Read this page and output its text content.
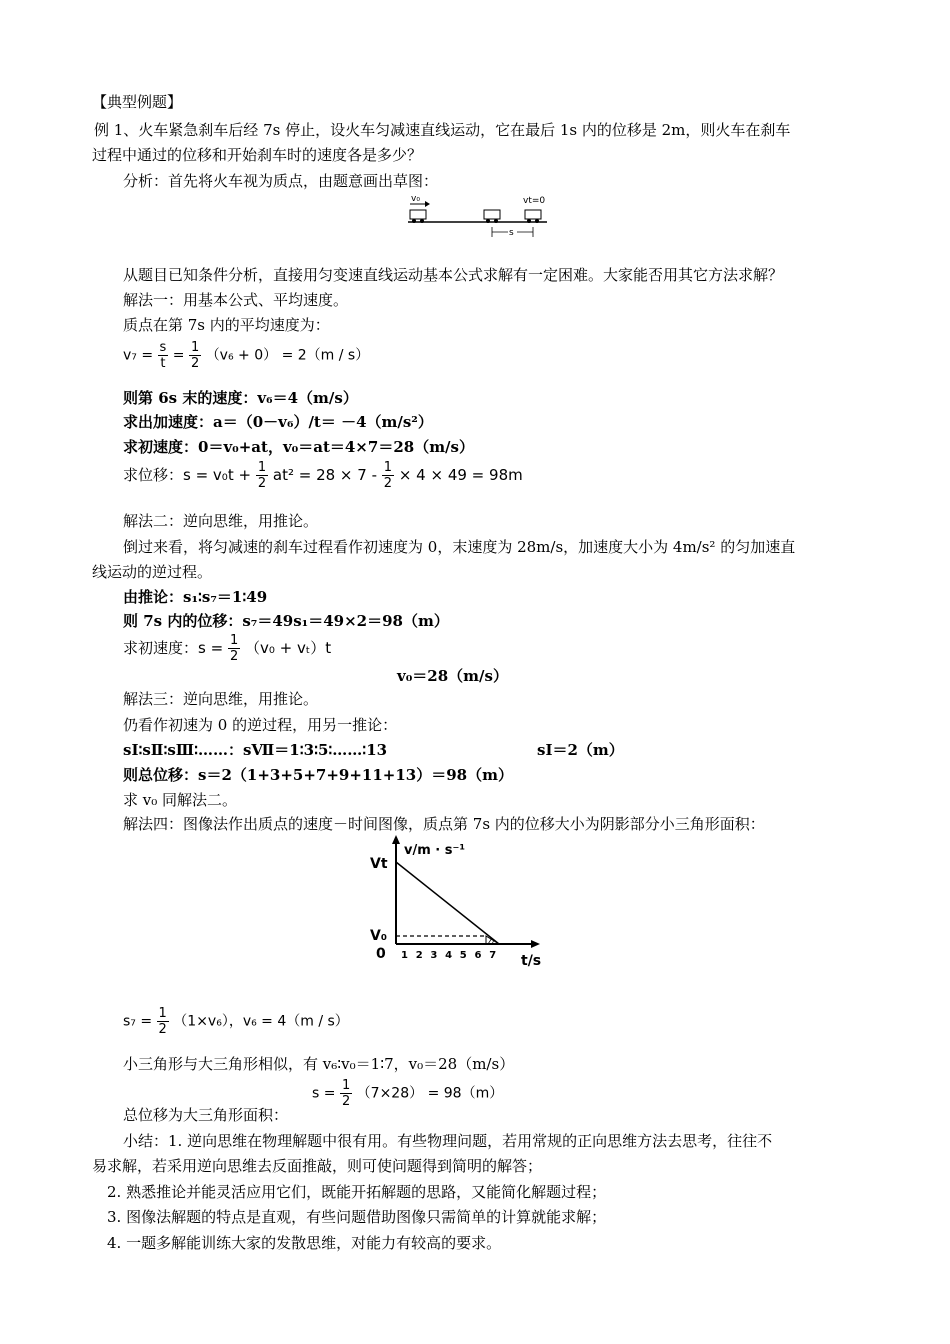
【典型例题】
例 1、火车紧急刹车后经 7s 停止，设火车匀减速直线运动，它在最后 1s 内的位移是 2m，则火车在刹车
过程中通过的位移和开始刹车时的速度各是多少？
分析：首先将火车视为质点，由题意画出草图：
v₀	vt=0
s
从题目已知条件分析，直接用匀变速直线运动基本公式求解有一定困难。大家能否用其它方法求解？
解法一：用基本公式、平均速度。
质点在第 7s 内的平均速度为：
$v_7 = \frac{s}{t} = \frac{1}{2} (v_6 + 0) = 2(m / s)$
则第 6s 末的速度：v₆＝4（m/s）
求出加速度：a＝（0－v₆）/t＝ －4（m/s²）
求初速度：0＝v₀+at，v₀＝at＝4×7＝28（m/s）
求位移：$s = v_0t + \frac{1}{2} at^2 = 28 \times 7 - \frac{1}{2} \times 4 \times 49 = 98m$
解法二：逆向思维，用推论。
倒过来看，将匀减速的刹车过程看作初速度为 0，末速度为 28m/s，加速度大小为 4m/s² 的匀加速直
线运动的逆过程。
由推论：s₁∶s₇＝1∶49
则 7s 内的位移：s₇＝49s₁＝49×2＝98（m）
求初速度：$s = \frac{1}{2} (v_0 + v_t)t$
v₀＝28（m/s）
解法三：逆向思维，用推论。
仍看作初速为 0 的逆过程，用另一推论：
sⅠ∶sⅡ∶sⅢ∶……：sⅦ＝1∶3∶5∶……∶13	sⅠ＝2（m）
则总位移：s＝2（1+3+5+7+9+11+13）＝98（m）
求 v₀ 同解法二。
解法四：图像法作出质点的速度－时间图像，质点第 7s 内的位移大小为阴影部分小三角形面积：
v/m · s⁻¹
Vt
V₀
0	t/s
1 2 3 4 5 6 7
$s_7 = \frac{1}{2} (1\times v_6)$，v₆ = 4（m / s）
小三角形与大三角形相似，有 v₆∶v₀＝1∶7，v₀＝28（m/s）
$s = \frac{1}{2} (7\times 28) = 98(m)$
总位移为大三角形面积：
小结：1. 逆向思维在物理解题中很有用。有些物理问题，若用常规的正向思维方法去思考，往往不
易求解，若采用逆向思维去反面推敲，则可使问题得到简明的解答；
2. 熟悉推论并能灵活应用它们，既能开拓解题的思路，又能简化解题过程；
3. 图像法解题的特点是直观，有些问题借助图像只需简单的计算就能求解；
4. 一题多解能训练大家的发散思维，对能力有较高的要求。
